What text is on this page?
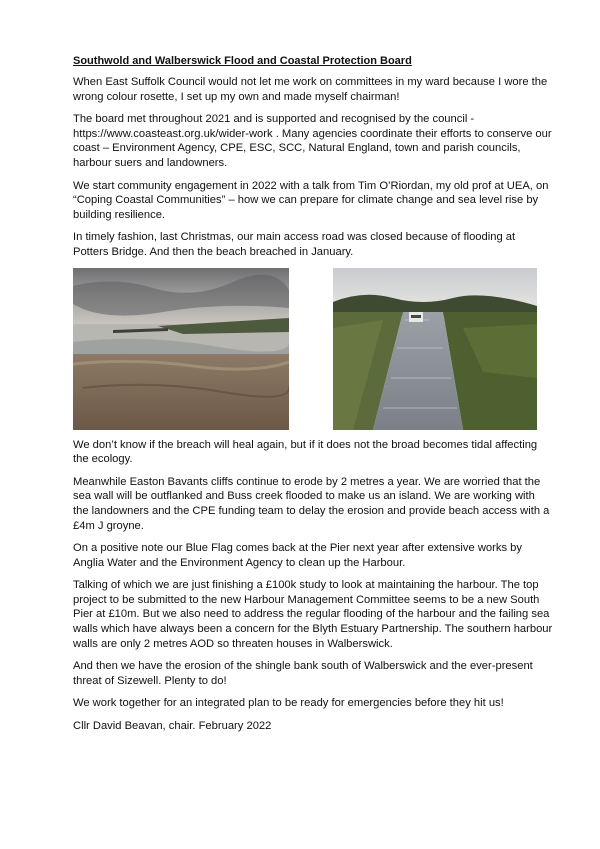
Southwold and Walberswick Flood and Coastal Protection Board

When East Suffolk Council would not let me work on committees in my ward because I wore the wrong colour rosette, I set up my own and made myself chairman!

The board met throughout 2021 and is supported and recognised by the council - https://www.coasteast.org.uk/wider-work . Many agencies coordinate their efforts to conserve our coast – Environment Agency, CPE, ESC, SCC, Natural England, town and parish councils, harbour suers and landowners.

We start community engagement in 2022 with a talk from Tim O’Riordan, my old prof at UEA, on “Coping Coastal Communities” – how we can prepare for climate change and sea level rise by building resilience.

In timely fashion, last Christmas, our main access road was closed because of flooding at Potters Bridge. And then the beach breached in January.

We don’t know if the breach will heal again, but if it does not the broad becomes tidal affecting the ecology.

Meanwhile Easton Bavants cliffs continue to erode by 2 metres a year. We are worried that the sea wall will be outflanked and Buss creek flooded to make us an island. We are working with the landowners and the CPE funding team to delay the erosion and provide beach access with a £4m J groyne.

On a positive note our Blue Flag comes back at the Pier next year after extensive works by Anglia Water and the Environment Agency to clean up the Harbour.

Talking of which we are just finishing a £100k study to look at maintaining the harbour. The top project to be submitted to the new Harbour Management Committee seems to be a new South Pier at £10m. But we also need to address the regular flooding of the harbour and the failing sea walls which have always been a concern for the Blyth Estuary Partnership. The southern harbour walls are only 2 metres AOD so threaten houses in Walberswick.

And then we have the erosion of the shingle bank south of Walberswick and the ever-present threat of Sizewell. Plenty to do!

We work together for an integrated plan to be ready for emergencies before they hit us!

Cllr David Beavan, chair. February 2022
